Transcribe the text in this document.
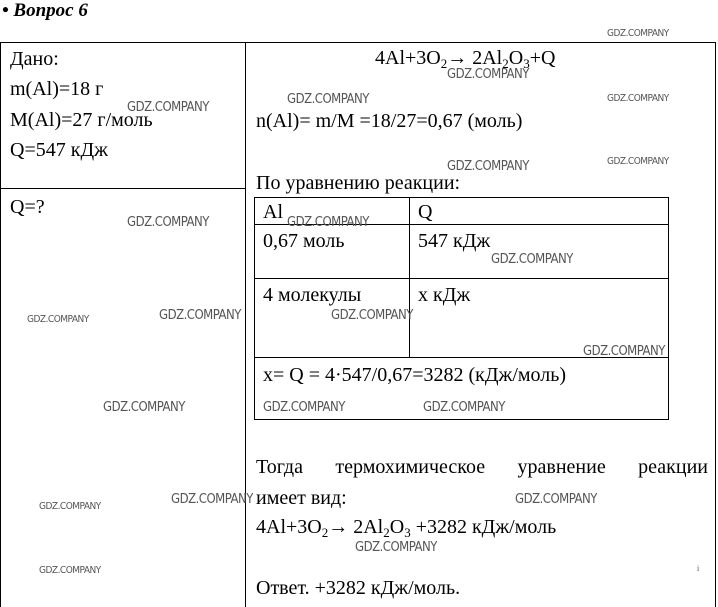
• Вопрос 6
Дано:
m(Al)=18 г
M(Al)=27 г/моль
Q=547 кДж
Q=?
$4Al+3O_2\to 2Al_2O_3+Q$
n(Al)= m/M =18/27=0,67 (моль)
По уравнению реакции:
Al	Q
0,67 моль	547 кДж
4 молекулы	x кДж
x= Q = 4·547/0,67=3282 (кДж/моль)
Тогда термохимическое уравнение реакции
имеет вид:
$4Al+3O_2\to 2Al_2O_3 +3282$ кДж/моль
Ответ. +3282 кДж/моль.
GDZ.COMPANY
GDZ.COMPANY
GDZ.COMPANY	GDZ.COMPANY
GDZ.COMPANY
GDZ.COMPANY	GDZ.COMPANY
GDZ.COMPANY	GDZ.COMPANY
GDZ.COMPANY
GDZ.COMPANY	GDZ.COMPANY	GDZ.COMPANY
GDZ.COMPANY
GDZ.COMPANY	GDZ.COMPANY	GDZ.COMPANY
GDZ.COMPANY	GDZ.COMPANY	GDZ.COMPANY
GDZ.COMPANY
GDZ.COMPANY	i
